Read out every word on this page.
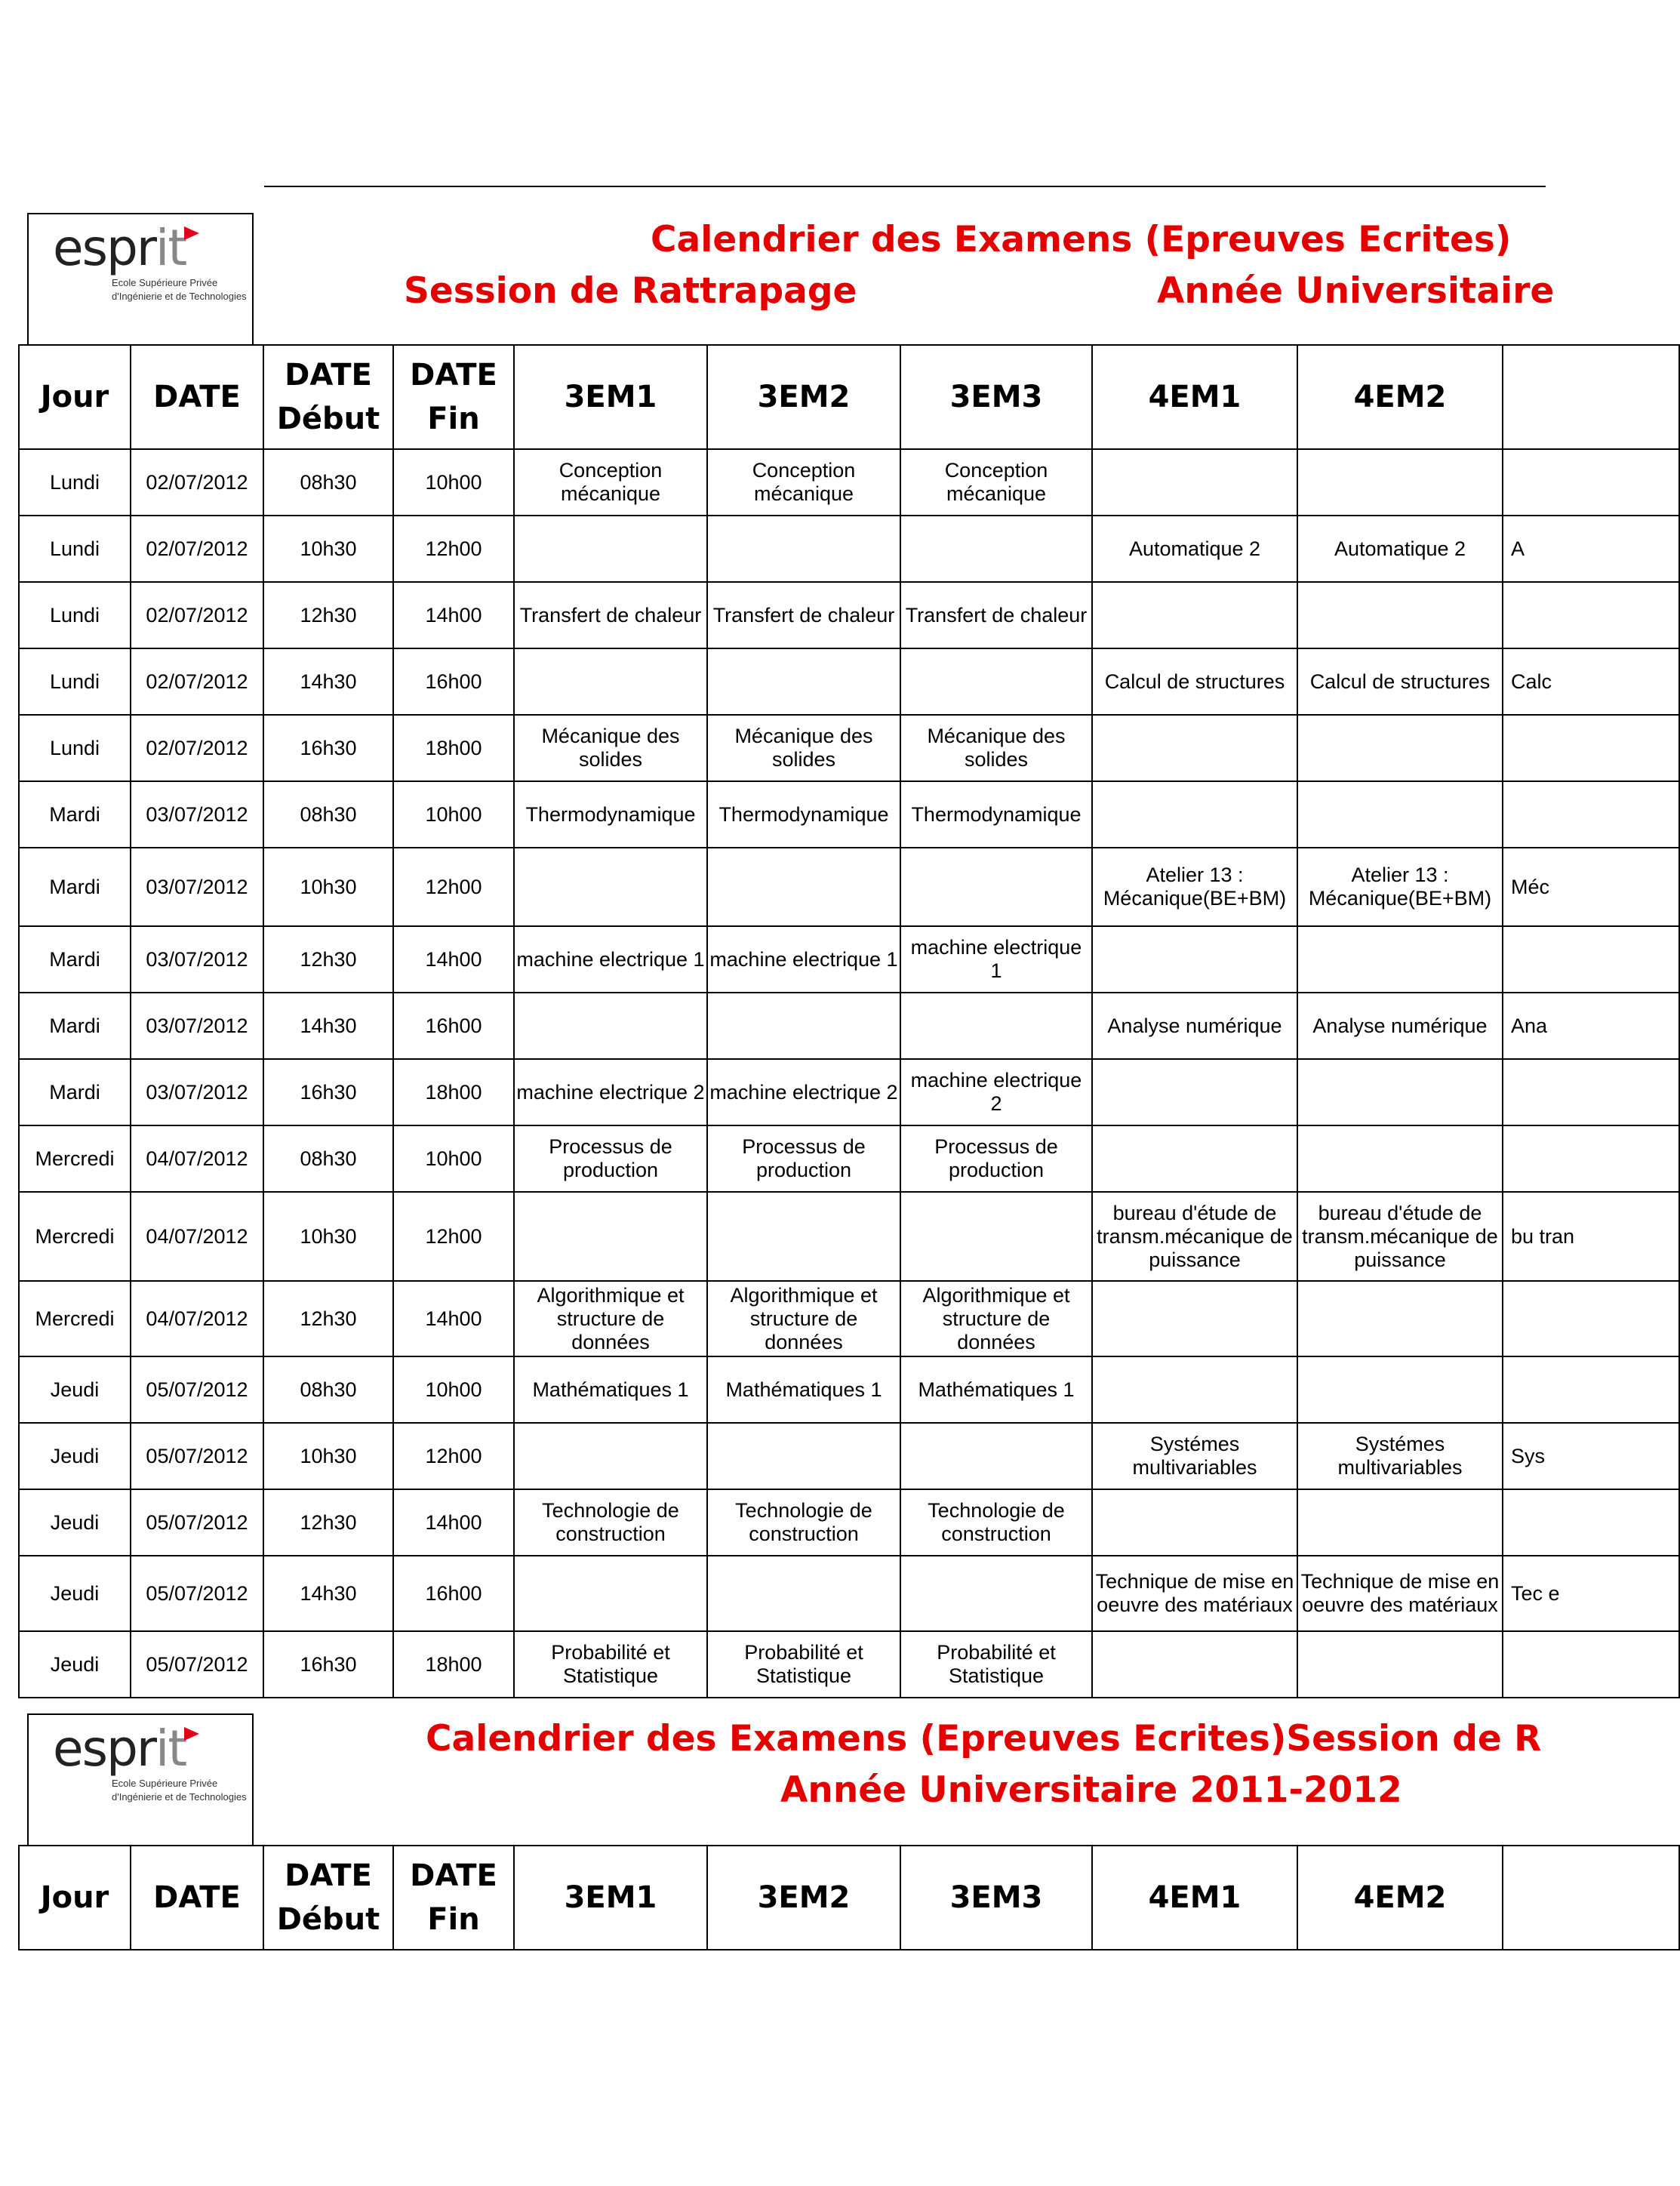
esprit
Ecole Supérieure Privée
d'Ingénierie et de Technologies
Calendrier des Examens (Epreuves Ecrites)
Session de Rattrapage	Année Universitaire
Jour	DATE	DATE Début	DATE Fin	3EM1	3EM2	3EM3	4EM1	4EM2	
Lundi	02/07/2012	08h30	10h00	Conception mécanique	Conception mécanique	Conception mécanique			
Lundi	02/07/2012	10h30	12h00				Automatique 2	Automatique 2	A
Lundi	02/07/2012	12h30	14h00	Transfert de chaleur	Transfert de chaleur	Transfert de chaleur			
Lundi	02/07/2012	14h30	16h00				Calcul de structures	Calcul de structures	Calc
Lundi	02/07/2012	16h30	18h00	Mécanique des solides	Mécanique des solides	Mécanique des solides			
Mardi	03/07/2012	08h30	10h00	Thermodynamique	Thermodynamique	Thermodynamique			
Mardi	03/07/2012	10h30	12h00				Atelier 13 : Mécanique(BE+BM)	Atelier 13 : Mécanique(BE+BM)	Méc
Mardi	03/07/2012	12h30	14h00	machine electrique 1	machine electrique 1	machine electrique 1			
Mardi	03/07/2012	14h30	16h00				Analyse numérique	Analyse numérique	Ana
Mardi	03/07/2012	16h30	18h00	machine electrique 2	machine electrique 2	machine electrique 2			
Mercredi	04/07/2012	08h30	10h00	Processus de production	Processus de production	Processus de production			
Mercredi	04/07/2012	10h30	12h00				bureau d'étude de transm.mécanique de puissance	bureau d'étude de transm.mécanique de puissance	bu tran
Mercredi	04/07/2012	12h30	14h00	Algorithmique et structure de données	Algorithmique et structure de données	Algorithmique et structure de données			
Jeudi	05/07/2012	08h30	10h00	Mathématiques 1	Mathématiques 1	Mathématiques 1			
Jeudi	05/07/2012	10h30	12h00				Systémes multivariables	Systémes multivariables	Sys
Jeudi	05/07/2012	12h30	14h00	Technologie de construction	Technologie de construction	Technologie de construction			
Jeudi	05/07/2012	14h30	16h00				Technique de mise en oeuvre des matériaux	Technique de mise en oeuvre des matériaux	Tec e
Jeudi	05/07/2012	16h30	18h00	Probabilité et Statistique	Probabilité et Statistique	Probabilité et Statistique			
esprit
Ecole Supérieure Privée
d'Ingénierie et de Technologies
Calendrier des Examens (Epreuves Ecrites)Session de R
Année Universitaire 2011-2012
Jour	DATE	DATE Début	DATE Fin	3EM1	3EM2	3EM3	4EM1	4EM2	
